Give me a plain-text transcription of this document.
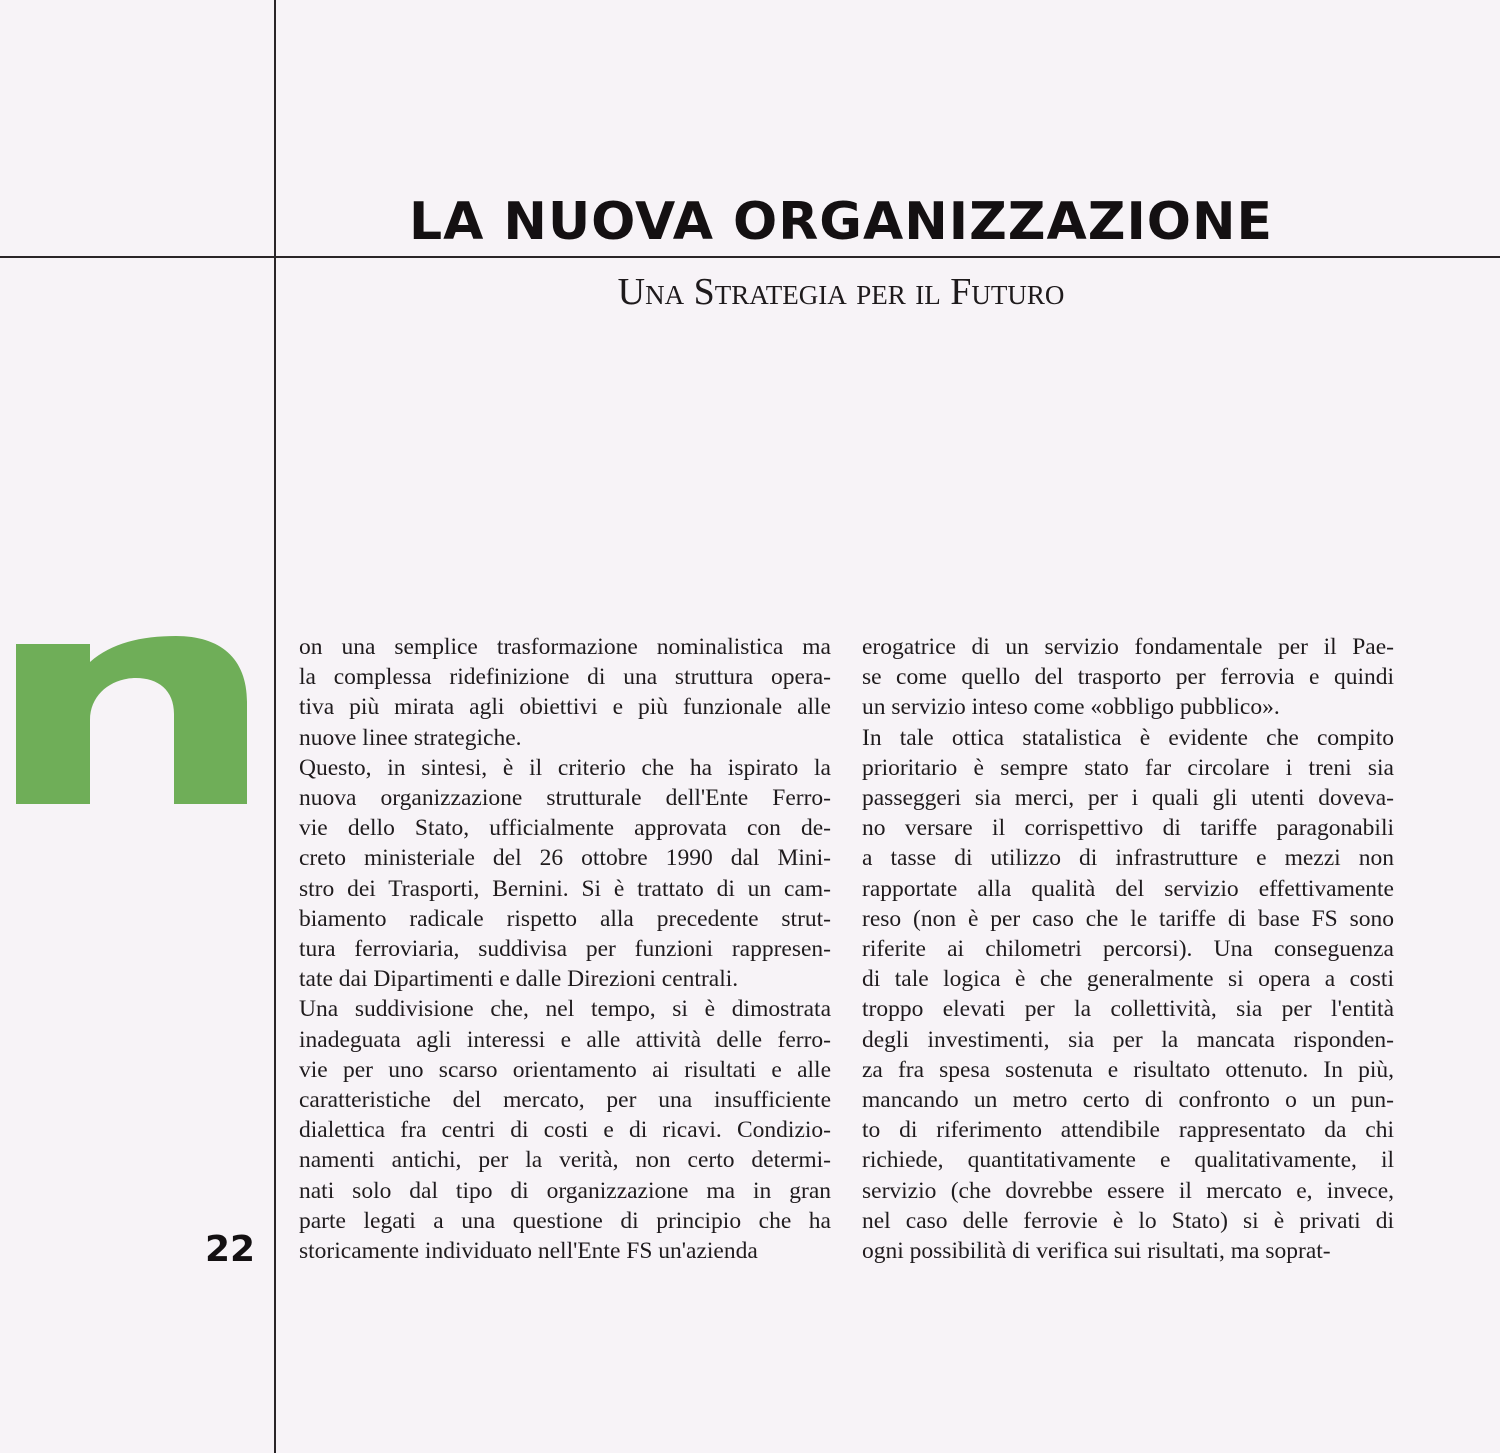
LA NUOVA ORGANIZZAZIONE
Una Strategia per il Futuro
22
on una semplice trasformazione nominalistica ma
la complessa ridefinizione di una struttura opera-
tiva più mirata agli obiettivi e più funzionale alle
nuove linee strategiche.
Questo, in sintesi, è il criterio che ha ispirato la
nuova organizzazione strutturale dell'Ente Ferro-
vie dello Stato, ufficialmente approvata con de-
creto ministeriale del 26 ottobre 1990 dal Mini-
stro dei Trasporti, Bernini. Si è trattato di un cam-
biamento radicale rispetto alla precedente strut-
tura ferroviaria, suddivisa per funzioni rappresen-
tate dai Dipartimenti e dalle Direzioni centrali.
Una suddivisione che, nel tempo, si è dimostrata
inadeguata agli interessi e alle attività delle ferro-
vie per uno scarso orientamento ai risultati e alle
caratteristiche del mercato, per una insufficiente
dialettica fra centri di costi e di ricavi. Condizio-
namenti antichi, per la verità, non certo determi-
nati solo dal tipo di organizzazione ma in gran
parte legati a una questione di principio che ha
storicamente individuato nell'Ente FS un'azienda
erogatrice di un servizio fondamentale per il Pae-
se come quello del trasporto per ferrovia e quindi
un servizio inteso come «obbligo pubblico».
In tale ottica statalistica è evidente che compito
prioritario è sempre stato far circolare i treni sia
passeggeri sia merci, per i quali gli utenti doveva-
no versare il corrispettivo di tariffe paragonabili
a tasse di utilizzo di infrastrutture e mezzi non
rapportate alla qualità del servizio effettivamente
reso (non è per caso che le tariffe di base FS sono
riferite ai chilometri percorsi). Una conseguenza
di tale logica è che generalmente si opera a costi
troppo elevati per la collettività, sia per l'entità
degli investimenti, sia per la mancata risponden-
za fra spesa sostenuta e risultato ottenuto. In più,
mancando un metro certo di confronto o un pun-
to di riferimento attendibile rappresentato da chi
richiede, quantitativamente e qualitativamente, il
servizio (che dovrebbe essere il mercato e, invece,
nel caso delle ferrovie è lo Stato) si è privati di
ogni possibilità di verifica sui risultati, ma soprat-
